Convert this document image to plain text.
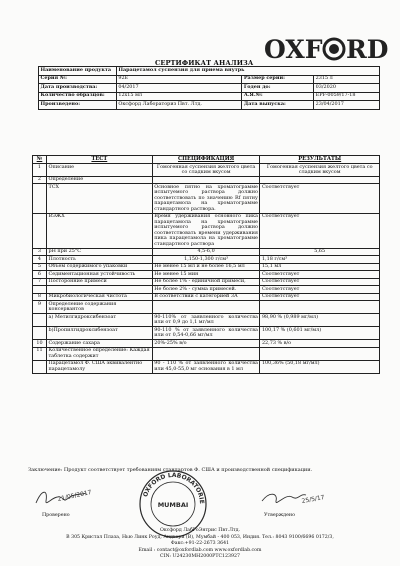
OXF RD
СЕРТИФИКАТ АНАЛИЗА
Наименование продукта	Парацетамол суспензия для приема внутрь		
Серия №:	92E	Размер серии:	2315 л
Дата производства:	04/2017	Годен до:	03/2020
Количество образцов:	12x15 мл	А.Я.№:	EPF-0059/17-18
Произведено:	Оксфорд Лабораториз Пвт. Лтд.	Дата выпуска:	23/04/2017
№	ТЕСТ	СПЕЦИФИКАЦИЯ	РЕЗУЛЬТАТЫ
1	Описание	Гомогенная суспензия желтого цвета со сладким вкусом	Гомогенная суспензия желтого цвета со сладким вкусом
2	Определение		
	ТСХ	Основное пятно на хроматограмме испытуемого раствора должно соответствовать по значению Rf пятну парацетамола на хроматограмме стандартного раствора.	Соответствует
	ВЭЖХ	Время удерживания основного пика парацетамола на хроматограмме испытуемого раствора должно соответствовать времени удерживания пика парацетамола на хроматограмме стандартного раствора	Соответствует
3	pH при 25°C	4,5-6,0	5,65
4	Плотность	1,150-1,300 г/см³	1,18 г/см³
5	Объем содержимого упаковки	Не менее 15 мл и не более 16,5 мл	15,1 мл
6	Седиментационная устойчивость	Не менее 15 мин	Соответствует
7	Посторонние примеси	Не более 1% - единичной примеси,	Соответствует
		Не более 2% - сумма примесей.	Соответствует
8	Микробиологическая чистота	В соответствии с категорией 3А	Соответствует
9	Определение содержания консервантов		
	а) Метилгидроксибензоат	90-110% от заявленного количества или от 0,9 до 1,1 мг/мл	98,90 % (0,989 мг/мл)
	b)Пропилгидроксибензоат	90-110 % от заявленного количества или от 0,54-0,66 мг/мл	100,17 % (0,601 мг/мл)
10	Содержание сахара	20%-25% в/о	22,73 % в/о
11	Количественное определение: Каждая таблетка содержит		
	Парацетамол Ф. США эквивалентно парацетамолу	90 - 110 % от заявленного количества или 45,0-55,0 мг основания в 1 мл	100,36% (50,18 мг/мл)
Заключение: Продукт соответствует требованиям стандартов Ф. США и производственной спецификации.
21/05/2017
Проверено
25/5/17
Утверждено
OXFORD LABORATORIE
MUMBAI
Оксфорд ЛабРоЭнтрис Пвт.Лтд.
В 305 Кристал Плаза, Нью Линк Роуд, Андхери (В), Мумбай - 400 053, Индия. Тел.: 8043 9100/6696 0172/3,
Факс:+91-22-2673 3641
Email : contact@oxfordlab.com www.oxfordlab.com
CIN: U24230MH2000PTC123927
